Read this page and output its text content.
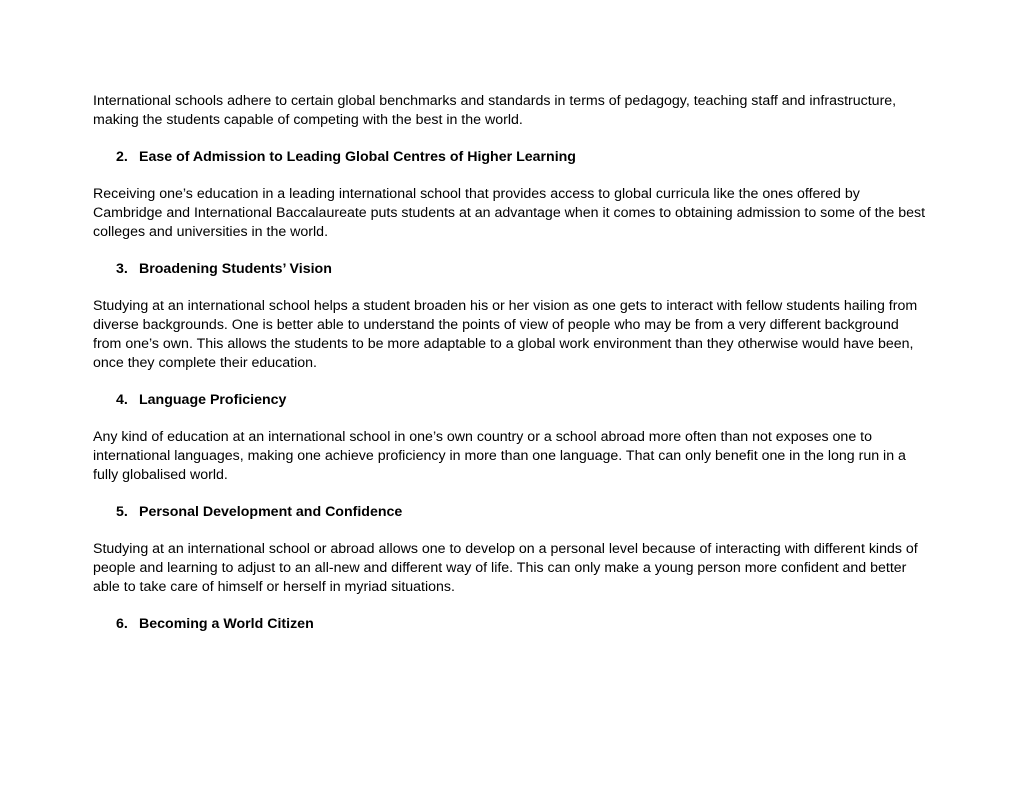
International schools adhere to certain global benchmarks and standards in terms of pedagogy, teaching staff and infrastructure,
making the students capable of competing with the best in the world.

2. Ease of Admission to Leading Global Centres of Higher Learning

Receiving one’s education in a leading international school that provides access to global curricula like the ones offered by
Cambridge and International Baccalaureate puts students at an advantage when it comes to obtaining admission to some of the best
colleges and universities in the world.

3. Broadening Students’ Vision

Studying at an international school helps a student broaden his or her vision as one gets to interact with fellow students hailing from
diverse backgrounds. One is better able to understand the points of view of people who may be from a very different background
from one’s own. This allows the students to be more adaptable to a global work environment than they otherwise would have been,
once they complete their education.

4. Language Proficiency

Any kind of education at an international school in one’s own country or a school abroad more often than not exposes one to
international languages, making one achieve proficiency in more than one language. That can only benefit one in the long run in a
fully globalised world.

5. Personal Development and Confidence

Studying at an international school or abroad allows one to develop on a personal level because of interacting with different kinds of
people and learning to adjust to an all-new and different way of life. This can only make a young person more confident and better
able to take care of himself or herself in myriad situations.

6. Becoming a World Citizen
